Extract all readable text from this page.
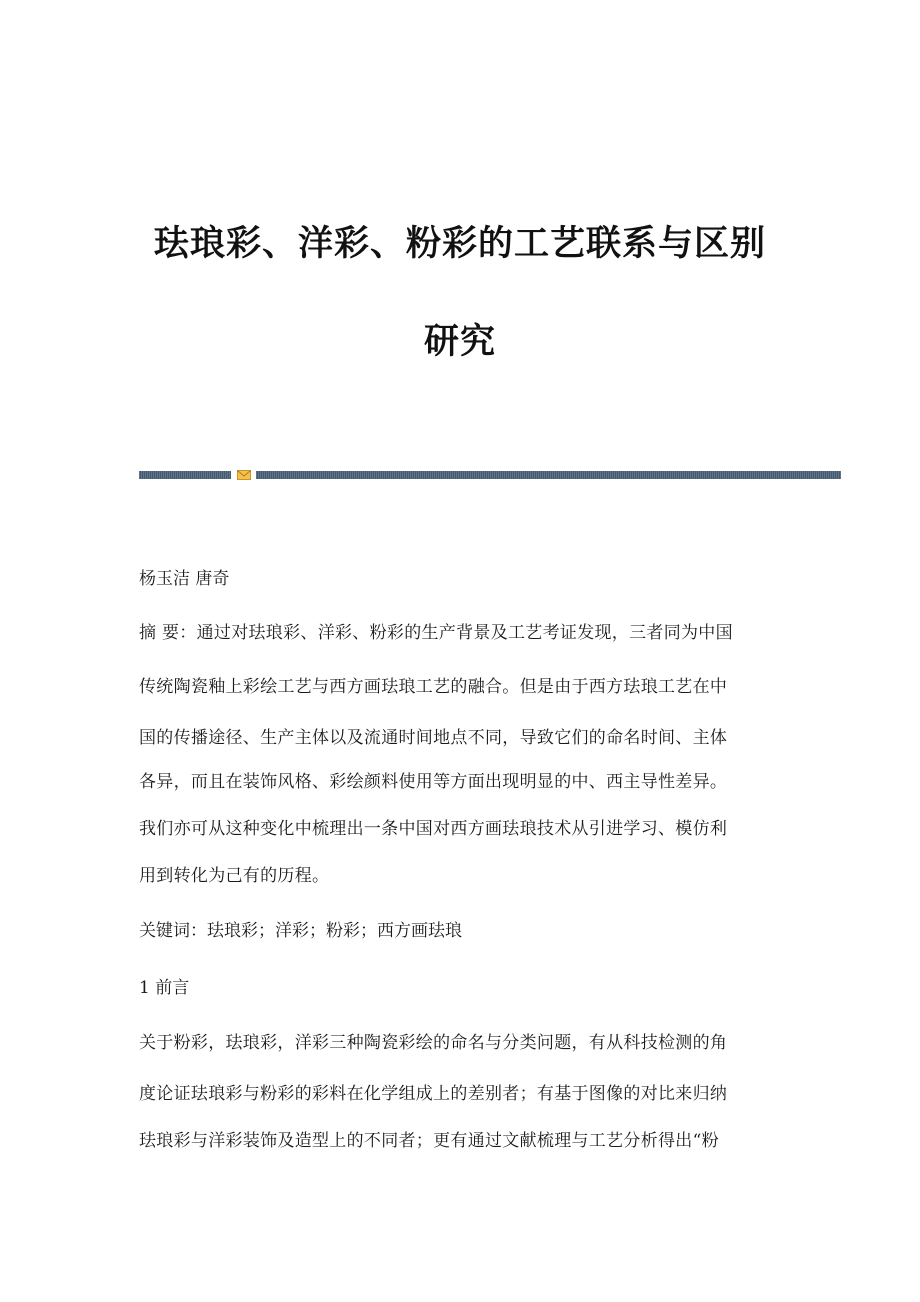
珐琅彩、洋彩、粉彩的工艺联系与区别
研究

杨玉洁 唐奇

摘 要：通过对珐琅彩、洋彩、粉彩的生产背景及工艺考证发现，三者同为中国

传统陶瓷釉上彩绘工艺与西方画珐琅工艺的融合。但是由于西方珐琅工艺在中

国的传播途径、生产主体以及流通时间地点不同，导致它们的命名时间、主体

各异，而且在装饰风格、彩绘颜料使用等方面出现明显的中、西主导性差异。

我们亦可从这种变化中梳理出一条中国对西方画珐琅技术从引进学习、模仿利

用到转化为己有的历程。

关键词：珐琅彩；洋彩；粉彩；西方画珐琅

1 前言

关于粉彩，珐琅彩，洋彩三种陶瓷彩绘的命名与分类问题，有从科技检测的角

度论证珐琅彩与粉彩的彩料在化学组成上的差别者；有基于图像的对比来归纳

珐琅彩与洋彩装饰及造型上的不同者；更有通过文献梳理与工艺分析得出“粉
